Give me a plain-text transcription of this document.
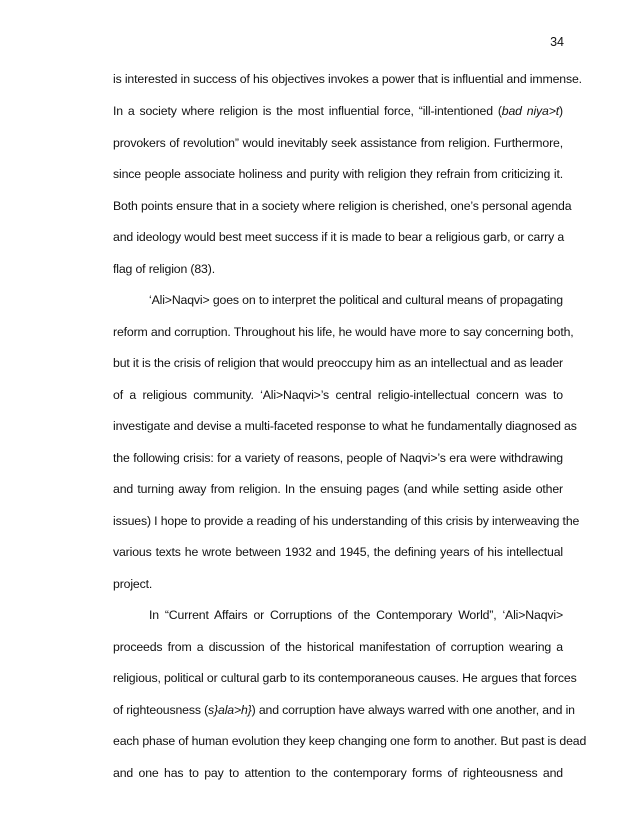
34
is interested in success of his objectives invokes a power that is influential and immense.
In a society where religion is the most influential force, “ill-intentioned (bad niya>t)
provokers of revolution” would inevitably seek assistance from religion. Furthermore,
since people associate holiness and purity with religion they refrain from criticizing it.
Both points ensure that in a society where religion is cherished, one’s personal agenda
and ideology would best meet success if it is made to bear a religious garb, or carry a
flag of religion (83).
‘Ali>Naqvi> goes on to interpret the political and cultural means of propagating
reform and corruption. Throughout his life, he would have more to say concerning both,
but it is the crisis of religion that would preoccupy him as an intellectual and as leader
of a religious community. ‘Ali>Naqvi>’s central religio-intellectual concern was to
investigate and devise a multi-faceted response to what he fundamentally diagnosed as
the following crisis: for a variety of reasons, people of Naqvi>’s era were withdrawing
and turning away from religion. In the ensuing pages (and while setting aside other
issues) I hope to provide a reading of his understanding of this crisis by interweaving the
various texts he wrote between 1932 and 1945, the defining years of his intellectual
project.
In “Current Affairs or Corruptions of the Contemporary World”, ‘Ali>Naqvi>
proceeds from a discussion of the historical manifestation of corruption wearing a
religious, political or cultural garb to its contemporaneous causes. He argues that forces
of righteousness (s}ala>h}) and corruption have always warred with one another, and in
each phase of human evolution they keep changing one form to another. But past is dead
and one has to pay to attention to the contemporary forms of righteousness and
